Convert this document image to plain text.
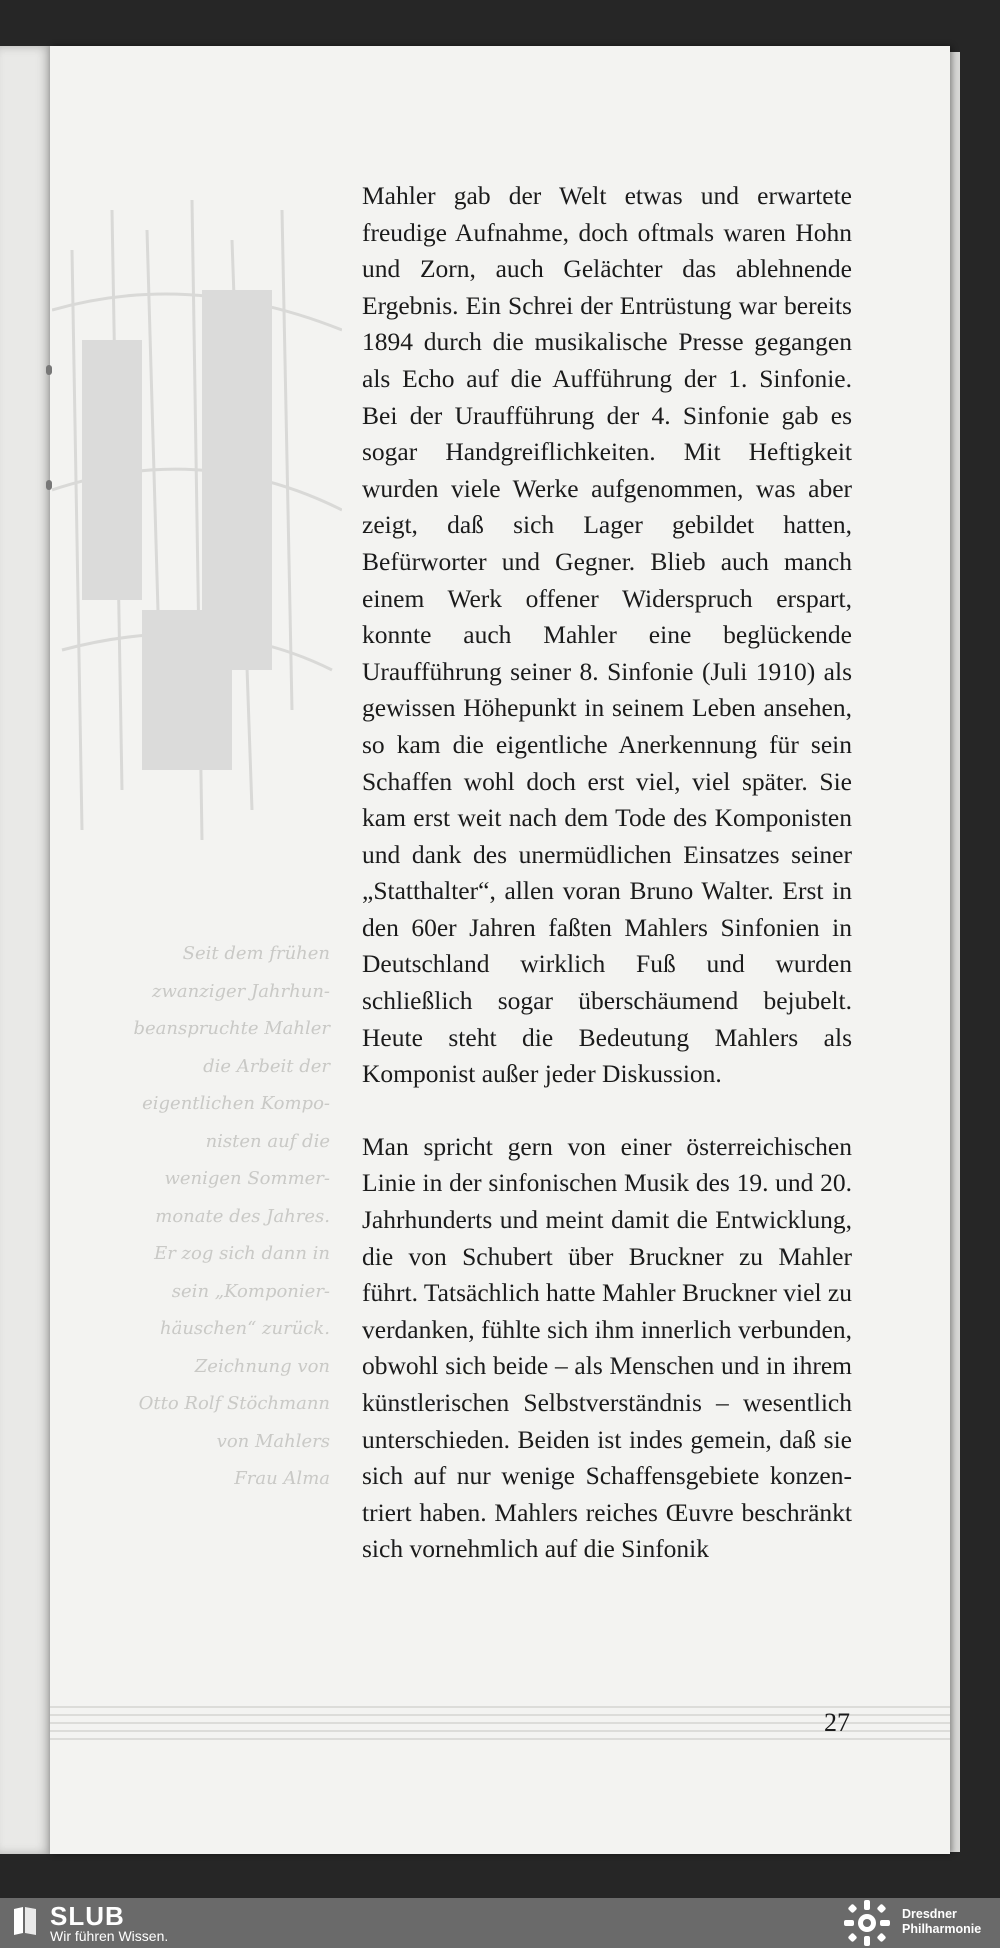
Seit dem frühen
zwanziger Jahrhun-
beanspruchte Mahler
die Arbeit der
eigentlichen Kompo-
nisten auf die
wenigen Sommer-
monate des Jahres.
Er zog sich dann in
sein „Komponier-
häuschen“ zurück.
Zeichnung von
Otto Rolf Stöchmann
von Mahlers
Frau Alma

Mahler gab der Welt etwas und erwartete freudige Aufnahme, doch oftmals waren Hohn und Zorn, auch Gelächter das ablehnende Ergebnis. Ein Schrei der Entrüstung war bereits 1894 durch die musikalische Presse gegangen als Echo auf die Aufführung der 1. Sinfonie. Bei der Uraufführung der 4. Sinfonie gab es sogar Handgreiflichkeiten. Mit Heftigkeit wurden viele Werke aufgenommen, was aber zeigt, daß sich Lager gebildet hatten, Befürworter und Gegner. Blieb auch manch einem Werk offener Widerspruch erspart, konnte auch Mahler eine beglückende Uraufführung seiner 8. Sinfonie (Juli 1910) als gewissen Höhepunkt in seinem Leben ansehen, so kam die eigentliche Anerkennung für sein Schaffen wohl doch erst viel, viel später. Sie kam erst weit nach dem Tode des Komponisten und dank des unermüdlichen Einsatzes seiner „Statthalter“, allen voran Bruno Walter. Erst in den 60er Jahren faßten Mahlers Sinfonien in Deutschland wirklich Fuß und wurden schließlich sogar überschäumend bejubelt. Heute steht die Bedeutung Mahlers als Komponist außer jeder Diskussion.

Man spricht gern von einer österreichischen Linie in der sinfonischen Musik des 19. und 20. Jahrhunderts und meint damit die Entwicklung, die von Schubert über Bruckner zu Mahler führt. Tatsächlich hatte Mahler Bruckner viel zu verdanken, fühlte sich ihm innerlich verbunden, obwohl sich beide – als Menschen und in ihrem künstlerischen Selbstverständnis – wesentlich unterschieden. Beiden ist indes gemein, daß sie sich auf nur wenige Schaffensgebiete konzentriert haben. Mahlers reiches Œuvre beschränkt sich vornehmlich auf die Sinfonik

27
SLUB
Wir führen Wissen.
Dresdner
Philharmonie
